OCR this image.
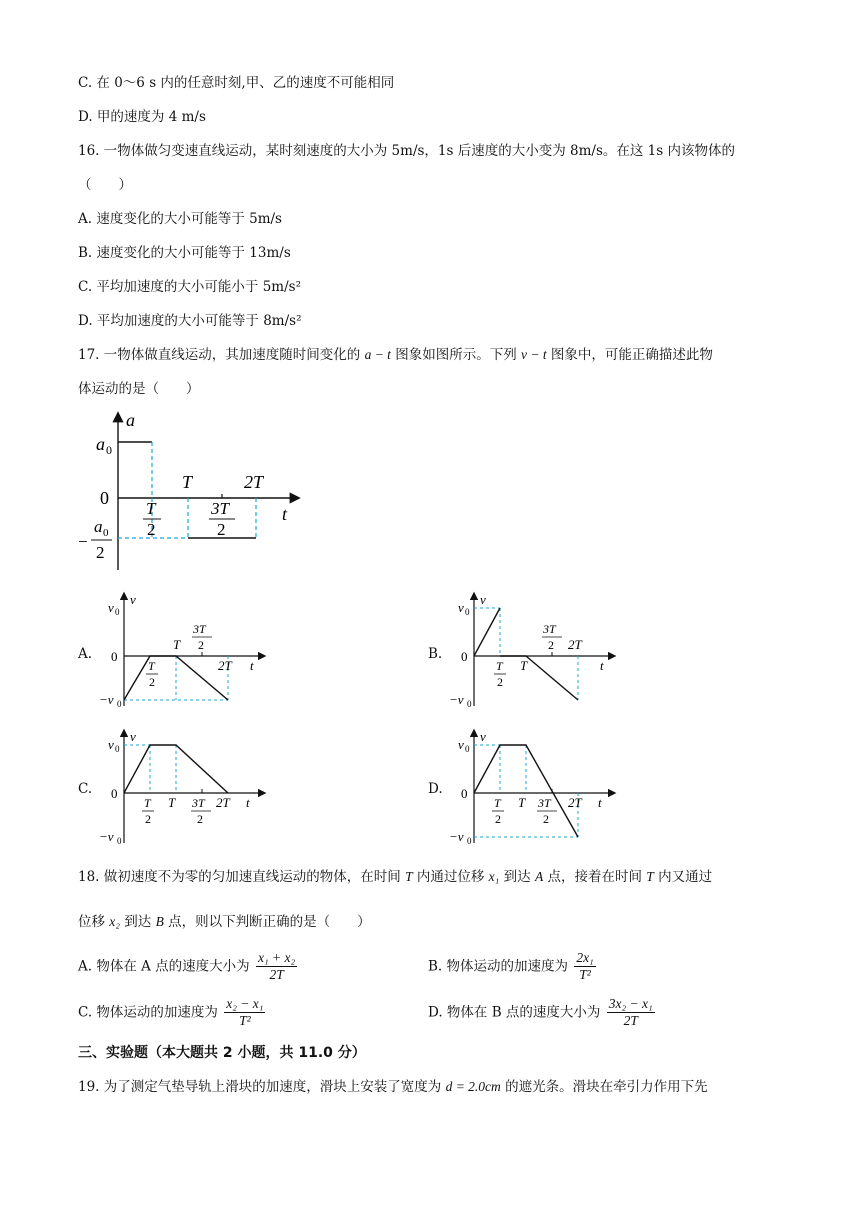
C. 在 0～6 s 内的任意时刻,甲、乙的速度不可能相同
D. 甲的速度为 4 m/s
16. 一物体做匀变速直线运动，某时刻速度的大小为 5m/s，1s 后速度的大小变为 8m/s。在这 1s 内该物体的
（　　）
A. 速度变化的大小可能等于 5m/s
B. 速度变化的大小可能等于 13m/s
C. 平均加速度的大小可能小于 5m/s²
D. 平均加速度的大小可能等于 8m/s²
17. 一物体做直线运动，其加速度随时间变化的 a − t 图象如图所示。下列 v − t 图象中，可能正确描述此物
体运动的是（　　）
a
a 0
0
T	2T
t
T
2
3T
2
−
a 0
2
A.
v
v 0
0
−v 0
T
2
T
3T
2
2T t
B.
v
v 0
0
−v 0
T
2
T
3T
2 2T
t
C.
v
v 0
0
−v 0
T
2
T 3T
2
2T t
D.
v
v 0
0
−v 0
T
2
T 3T
2
2T t
18. 做初速度不为零的匀加速直线运动的物体，在时间 T 内通过位移 x₁ 到达 A 点，接着在时间 T 内又通过
位移 x₂ 到达 B 点，则以下判断正确的是（　　）
A. 物体在 A 点的速度大小为 $\frac{\text{x₁ + x₂}}{2T}$	B. 物体运动的加速度为 $\frac{\text{2x₁}}{\text{T²}}$
C. 物体运动的加速度为 $\frac{\text{x₂ − x₁}}{\text{T²}}$	D. 物体在 B 点的速度大小为 $\frac{\text{3x₂ − x₁}}{2T}$
三、实验题（本大题共 2 小题，共 11.0 分）
19. 为了测定气垫导轨上滑块的加速度，滑块上安装了宽度为 d = 2.0cm 的遮光条。滑块在牵引力作用下先
